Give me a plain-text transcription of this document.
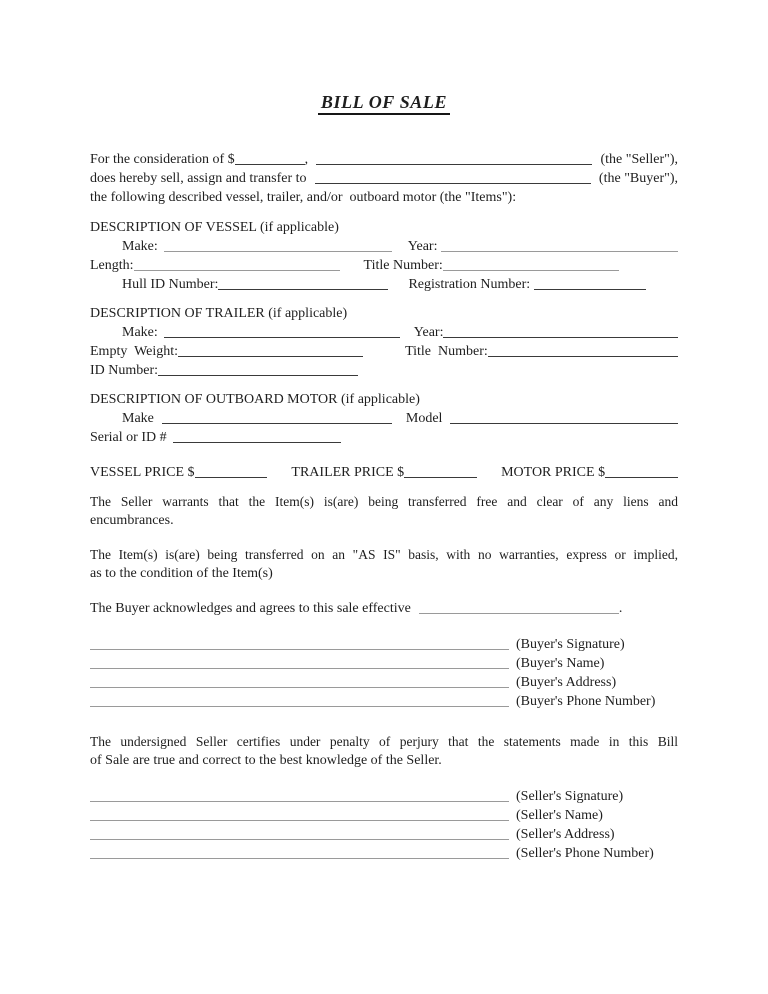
BILL OF SALE
For the consideration of $	,	(the "Seller"),
does hereby sell, assign and transfer to	(the "Buyer"),
the following described vessel, trailer, and/or  outboard motor (the "Items"):
DESCRIPTION OF VESSEL (if applicable)
Make:	Year:
Length:	Title Number:
Hull ID Number:	Registration Number:
DESCRIPTION OF TRAILER (if applicable)
Make:	Year:
Empty  Weight:	Title  Number:
ID Number:
DESCRIPTION OF OUTBOARD MOTOR (if applicable)
Make	Model
Serial or ID #
VESSEL PRICE $	TRAILER PRICE $	MOTOR PRICE $
The Seller warrants that the Item(s) is(are) being transferred free and clear of any liens and
encumbrances.
The Item(s) is(are) being transferred on an "AS IS" basis, with no warranties, express or implied,
as to the condition of the Item(s)
The Buyer acknowledges and agrees to this sale effective	.
(Buyer's Signature)
(Buyer's Name)
(Buyer's Address)
(Buyer's Phone Number)
The undersigned Seller certifies under penalty of perjury that the statements made in this Bill
of Sale are true and correct to the best knowledge of the Seller.
(Seller's Signature)
(Seller's Name)
(Seller's Address)
(Seller's Phone Number)
